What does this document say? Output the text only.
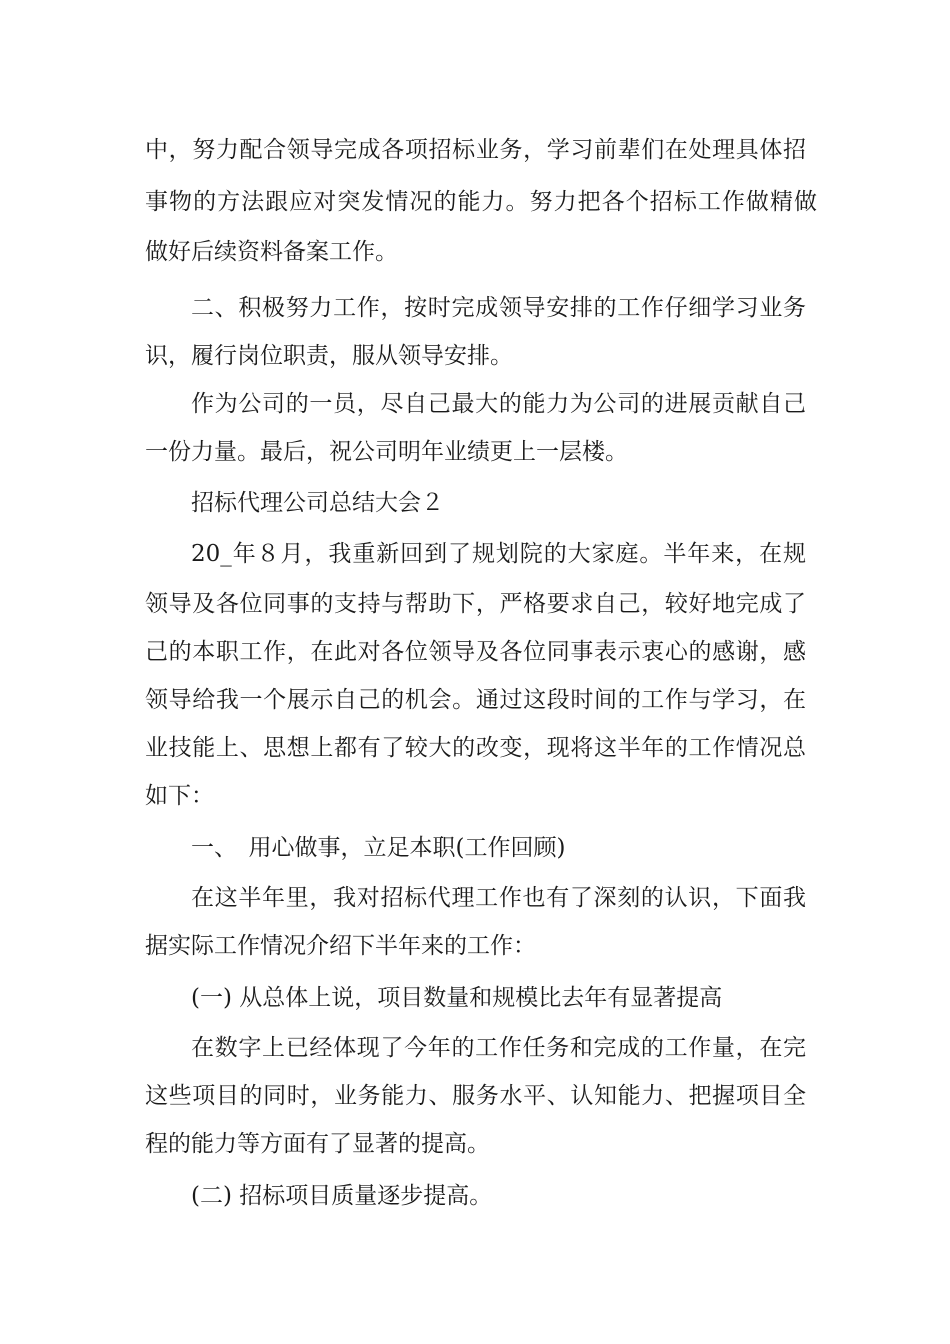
中，努力配合领导完成各项招标业务，学习前辈们在处理具体招
事物的方法跟应对突发情况的能力。努力把各个招标工作做精做
做好后续资料备案工作。
二、积极努力工作，按时完成领导安排的工作仔细学习业务
识，履行岗位职责，服从领导安排。
作为公司的一员，尽自己最大的能力为公司的进展贡献自己
一份力量。最后，祝公司明年业绩更上一层楼。
招标代理公司总结大会２
20_年８月，我重新回到了规划院的大家庭。半年来，在规
领导及各位同事的支持与帮助下，严格要求自己，较好地完成了
己的本职工作，在此对各位领导及各位同事表示衷心的感谢，感
领导给我一个展示自己的机会。通过这段时间的工作与学习，在
业技能上、思想上都有了较大的改变，现将这半年的工作情况总
如下：
一、　用心做事，立足本职(工作回顾)
在这半年里，我对招标代理工作也有了深刻的认识，下面我
据实际工作情况介绍下半年来的工作：
(一) 从总体上说，项目数量和规模比去年有显著提高
在数字上已经体现了今年的工作任务和完成的工作量，在完
这些项目的同时，业务能力、服务水平、认知能力、把握项目全
程的能力等方面有了显著的提高。
(二) 招标项目质量逐步提高。
